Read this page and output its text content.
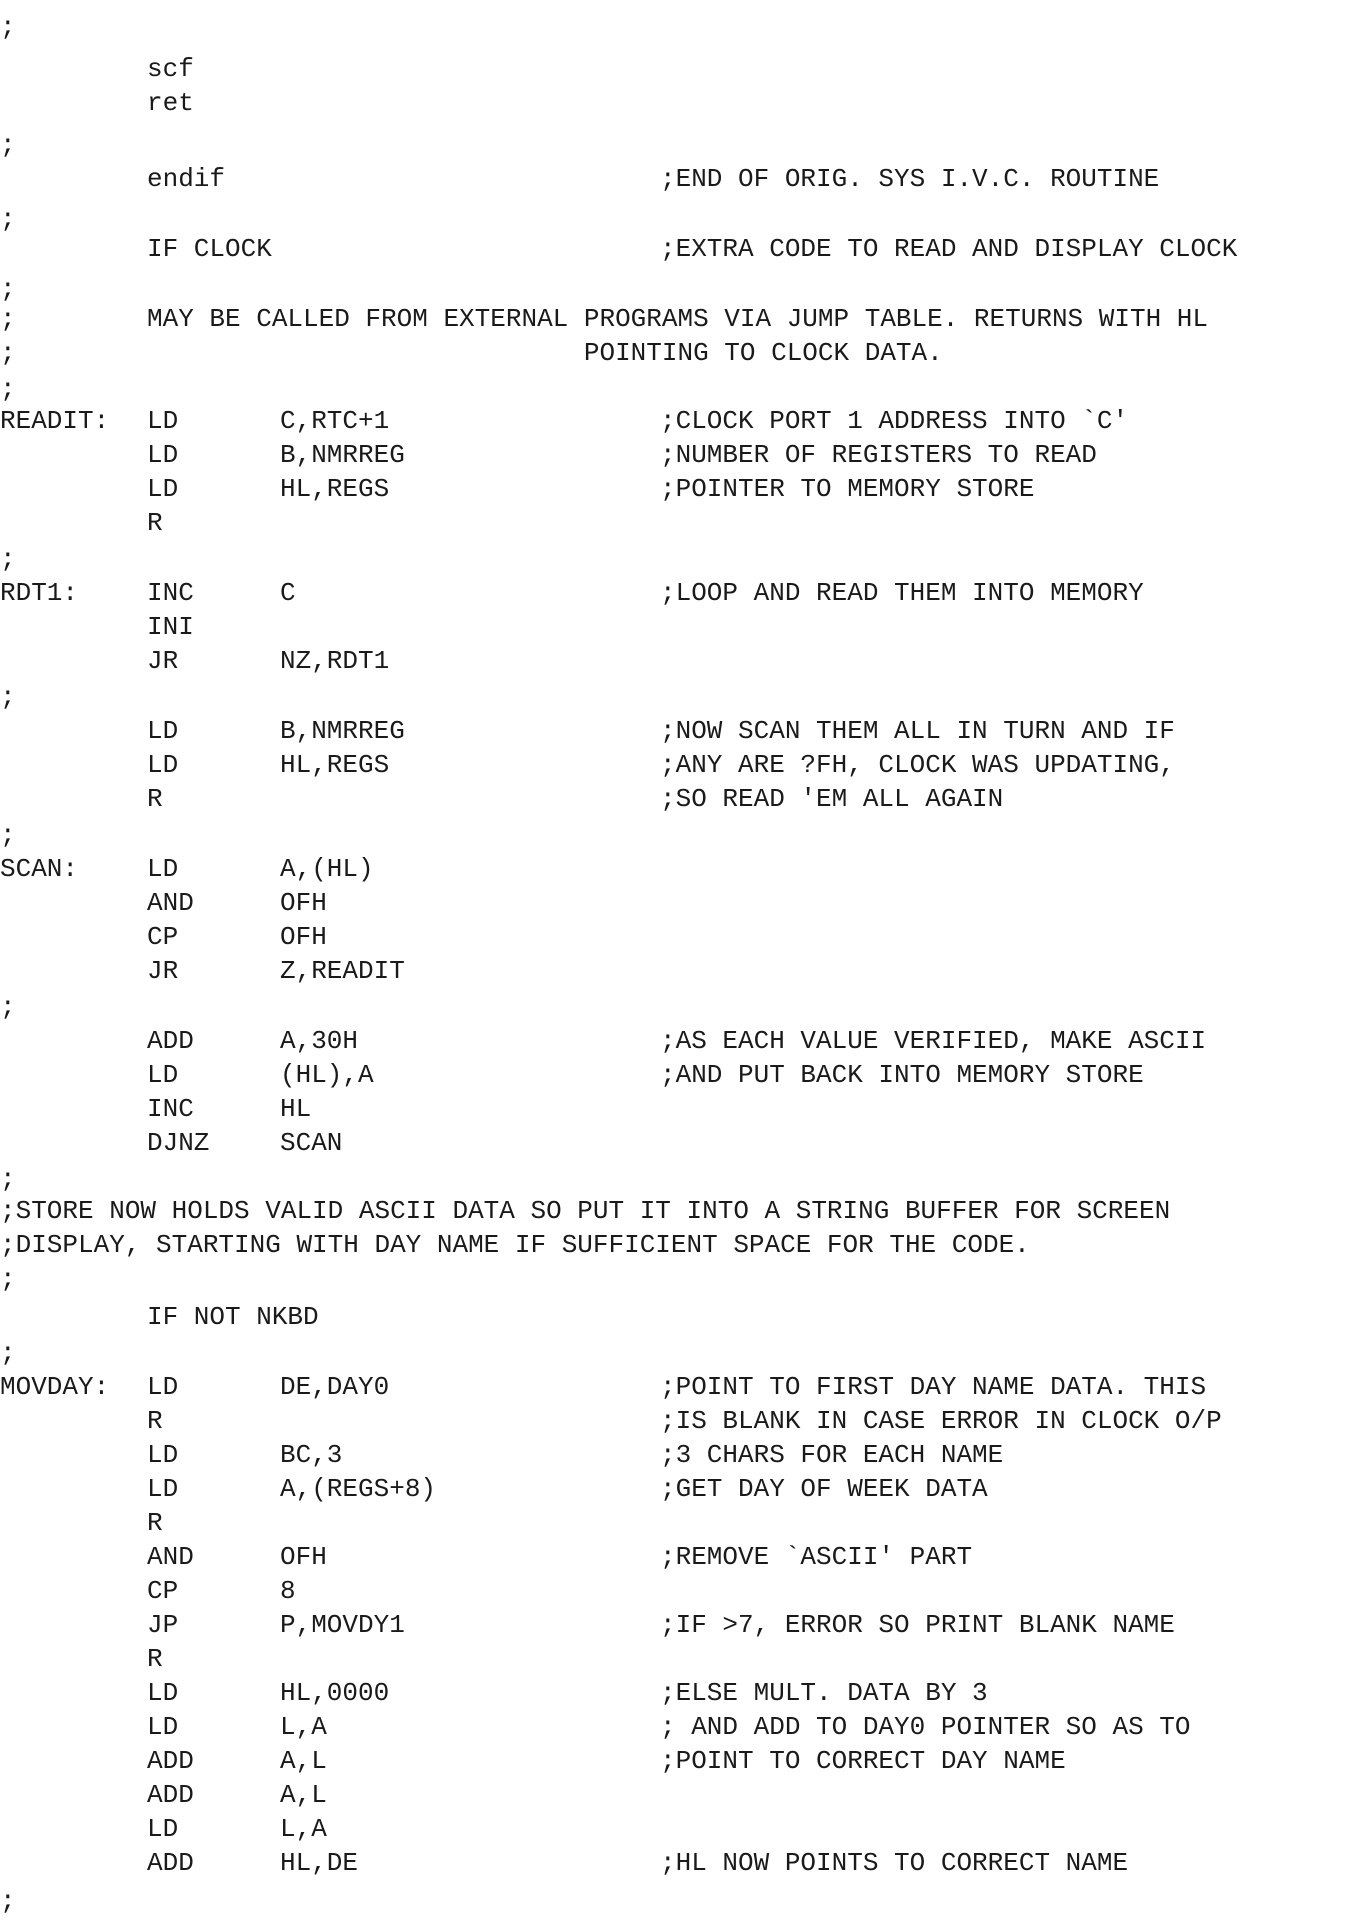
;
scf
ret
;
endif	;END OF ORIG. SYS I.V.C. ROUTINE
;
IF CLOCK	;EXTRA CODE TO READ AND DISPLAY CLOCK
;
;	MAY BE CALLED FROM EXTERNAL PROGRAMS VIA JUMP TABLE. RETURNS WITH HL
;	POINTING TO CLOCK DATA.
;
READIT: LD	C,RTC+1	;CLOCK PORT 1 ADDRESS INTO `C'
LD	B,NMRREG	;NUMBER OF REGISTERS TO READ
LD	HL,REGS	;POINTER TO MEMORY STORE
R
;
RDT1:	INC	C	;LOOP AND READ THEM INTO MEMORY
INI
JR	NZ,RDT1
;
LD	B,NMRREG	;NOW SCAN THEM ALL IN TURN AND IF
LD	HL,REGS	;ANY ARE ?FH, CLOCK WAS UPDATING,
R	;SO READ 'EM ALL AGAIN
;
SCAN:	LD	A,(HL)
AND	OFH
CP	OFH
JR	Z,READIT
;
ADD	A,30H	;AS EACH VALUE VERIFIED, MAKE ASCII
LD	(HL),A	;AND PUT BACK INTO MEMORY STORE
INC	HL
DJNZ	SCAN
;
;STORE NOW HOLDS VALID ASCII DATA SO PUT IT INTO A STRING BUFFER FOR SCREEN
;DISPLAY, STARTING WITH DAY NAME IF SUFFICIENT SPACE FOR THE CODE.
;
IF NOT NKBD
;
MOVDAY: LD	DE,DAY0	;POINT TO FIRST DAY NAME DATA. THIS
R	;IS BLANK IN CASE ERROR IN CLOCK O/P
LD	BC,3	;3 CHARS FOR EACH NAME
LD	A,(REGS+8)	;GET DAY OF WEEK DATA
R
AND	OFH	;REMOVE `ASCII' PART
CP	8
JP	P,MOVDY1	;IF >7, ERROR SO PRINT BLANK NAME
R
LD	HL,0000	;ELSE MULT. DATA BY 3
LD	L,A	; AND ADD TO DAY0 POINTER SO AS TO
ADD	A,L	;POINT TO CORRECT DAY NAME
ADD	A,L
LD	L,A
ADD	HL,DE	;HL NOW POINTS TO CORRECT NAME
;
